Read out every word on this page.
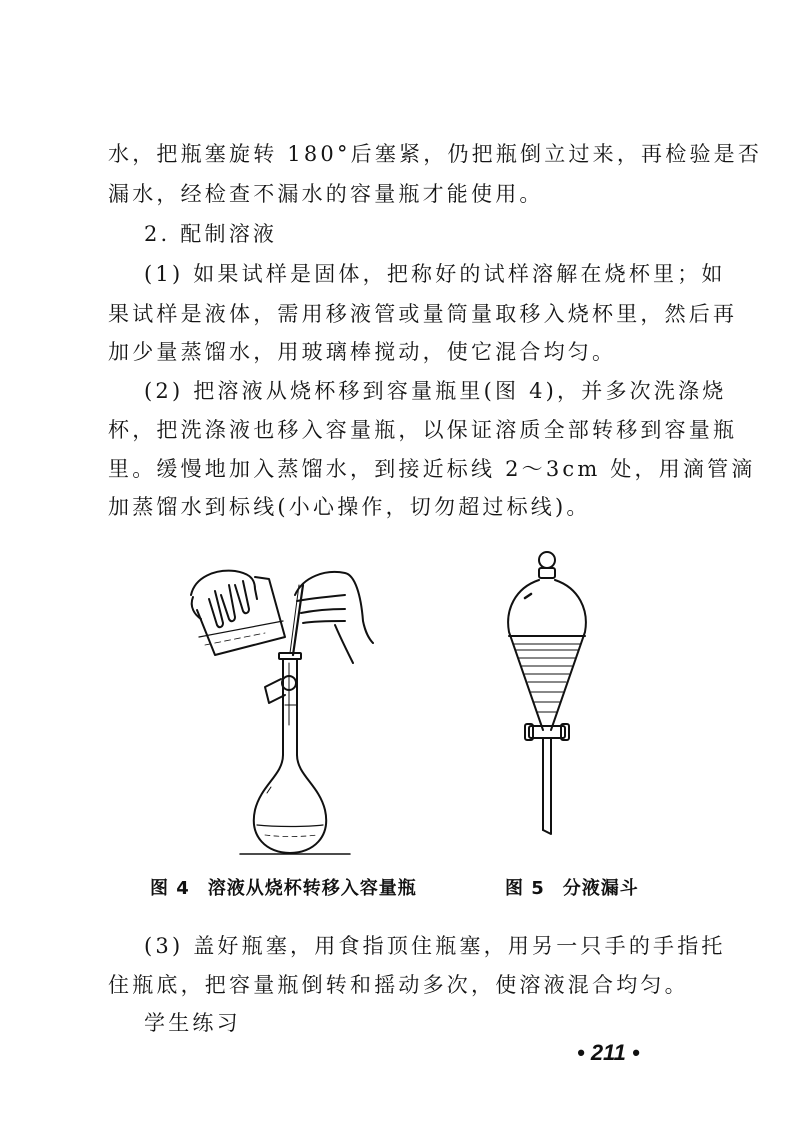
水，把瓶塞旋转 180°后塞紧，仍把瓶倒立过来，再检验是否
漏水，经检查不漏水的容量瓶才能使用。
2. 配制溶液
(1) 如果试样是固体，把称好的试样溶解在烧杯里；如
果试样是液体，需用移液管或量筒量取移入烧杯里，然后再
加少量蒸馏水，用玻璃棒搅动，使它混合均匀。
(2) 把溶液从烧杯移到容量瓶里(图 4)，并多次洗涤烧
杯，把洗涤液也移入容量瓶，以保证溶质全部转移到容量瓶
里。缓慢地加入蒸馏水，到接近标线 2～3cm 处，用滴管滴
加蒸馏水到标线(小心操作，切勿超过标线)。
图 4 溶液从烧杯转移入容量瓶	图 5 分液漏斗
(3) 盖好瓶塞，用食指顶住瓶塞，用另一只手的手指托
住瓶底，把容量瓶倒转和摇动多次，使溶液混合均匀。
学生练习
• 211 •
